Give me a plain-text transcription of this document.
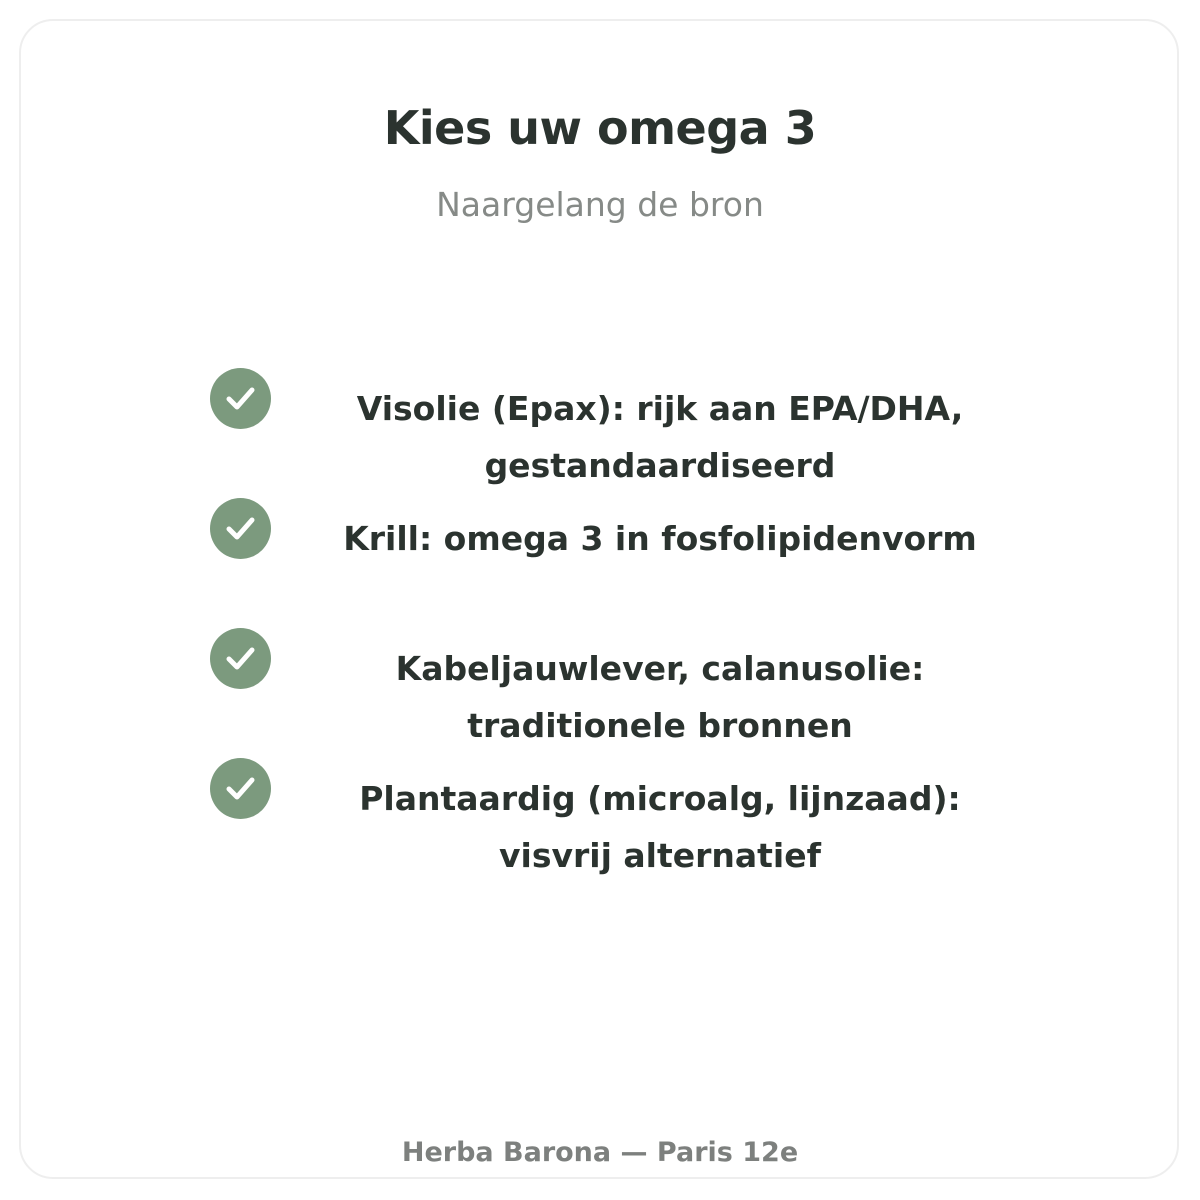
Kies uw omega 3
Naargelang de bron
Visolie (Epax): rijk aan EPA/DHA, gestandaardiseerd
Krill: omega 3 in fosfolipidenvorm
Kabeljauwlever, calanusolie: traditionele bronnen
Plantaardig (microalg, lijnzaad): visvrij alternatief
Herba Barona — Paris 12e
